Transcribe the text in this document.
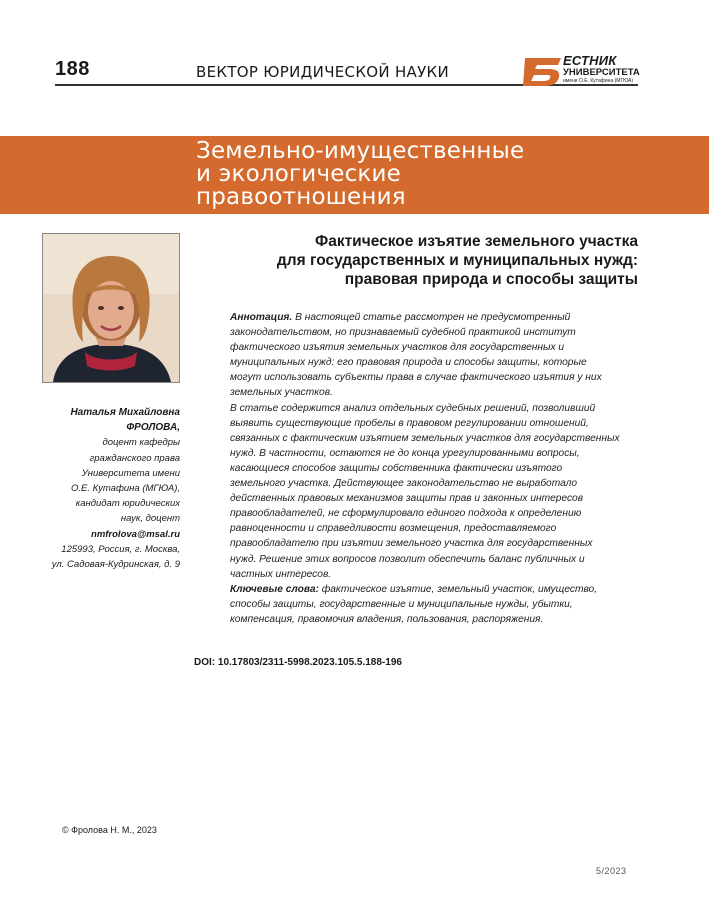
188	ВЕКТОР ЮРИДИЧЕСКОЙ НАУКИ
ЕСТНИК
УНИВЕРСИТЕТА
имени О.Е. Кутафина (МГЮА)
Земельно-имущественные
и экологические
правоотношения
Фактическое изъятие земельного участка
для государственных и муниципальных нужд:
правовая природа и способы защиты
Наталья Михайловна
ФРОЛОВА,
доцент кафедры
гражданского права
Университета имени
О.Е. Кутафина (МГЮА),
кандидат юридических
наук, доцент
nmfrolova@msal.ru
125993, Россия, г. Москва,
ул. Садовая-Кудринская, д. 9

Аннотация. В настоящей статье рассмотрен не предусмотренный законодательством, но признаваемый судебной практикой институт фактического изъятия земельных участков для государственных и муниципальных нужд: его правовая природа и способы защиты, которые могут использовать субъекты права в случае фактического изъятия у них земельных участков.

В статье содержится анализ отдельных судебных решений, позволивший выявить существующие пробелы в правовом регулировании отношений, связанных с фактическим изъятием земельных участков для государственных нужд. В частности, остаются не до конца урегулированными вопросы, касающиеся способов защиты собственника фактически изъятого земельного участка. Действующее законодательство не выработало действенных правовых механизмов защиты прав и законных интересов правообладателей, не сформулировало единого подхода к определению равноценности и справедливости возмещения, предоставляемого правообладателю при изъятии земельного участка для государственных нужд. Решение этих вопросов позволит обеспечить баланс публичных и частных интересов.

Ключевые слова: фактическое изъятие, земельный участок, имущество, способы защиты, государственные и муниципальные нужды, убытки, компенсация, правомочия владения, пользования, распоряжения.

DOI: 10.17803/2311-5998.2023.105.5.188-196
© Фролова Н. М., 2023
5/2023
